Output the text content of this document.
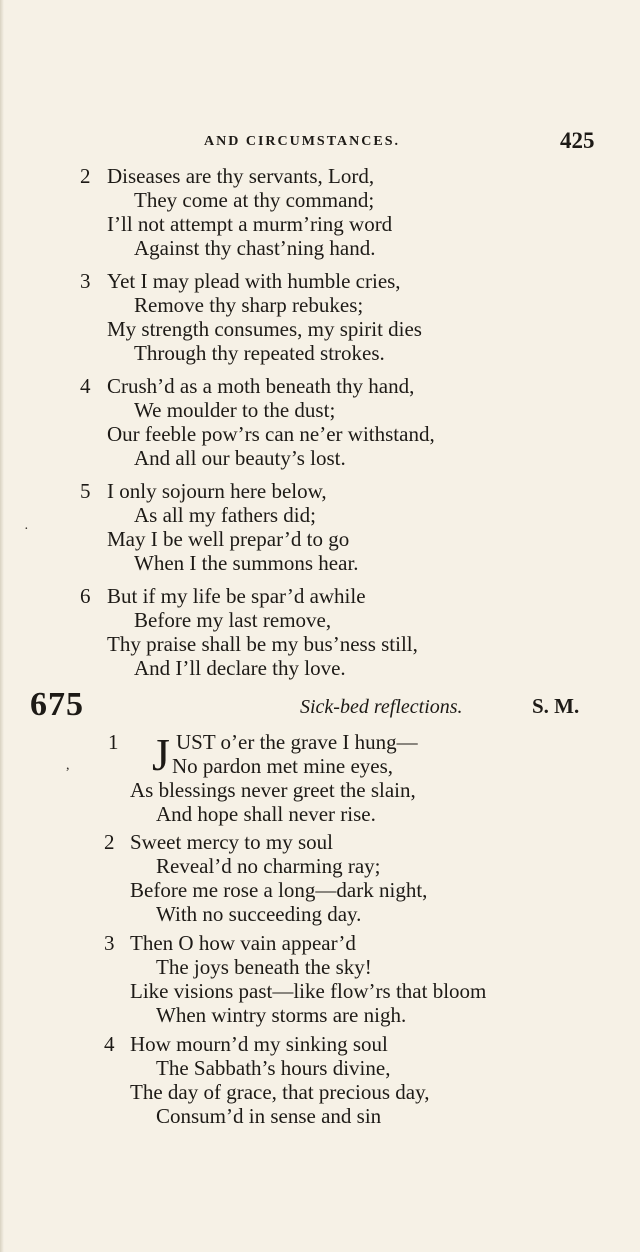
AND CIRCUMSTANCES.	425
2 Diseases are thy servants, Lord,
They come at thy command;
I’ll not attempt a murm’ring word
Against thy chast’ning hand.
3 Yet I may plead with humble cries,
Remove thy sharp rebukes;
My strength consumes, my spirit dies
Through thy repeated strokes.
4 Crush’d as a moth beneath thy hand,
We moulder to the dust;
Our feeble pow’rs can ne’er withstand,
And all our beauty’s lost.
5 I only sojourn here below,
As all my fathers did;
May I be well prepar’d to go
When I the summons hear.
6 But if my life be spar’d awhile
Before my last remove,
Thy praise shall be my bus’ness still,
And I’ll declare thy love.
675	Sick-bed reflections.	S. M.
1	UST o’er the grave I hung—
No pardon met mine eyes,
As blessings never greet the slain,
And hope shall never rise.
J
2 Sweet mercy to my soul
Reveal’d no charming ray;
Before me rose a long—dark night,
With no succeeding day.
3 Then O how vain appear’d
The joys beneath the sky!
Like visions past—like flow’rs that bloom
When wintry storms are nigh.
4 How mourn’d my sinking soul
The Sabbath’s hours divine,
The day of grace, that precious day,
Consum’d in sense and sin
·
,
